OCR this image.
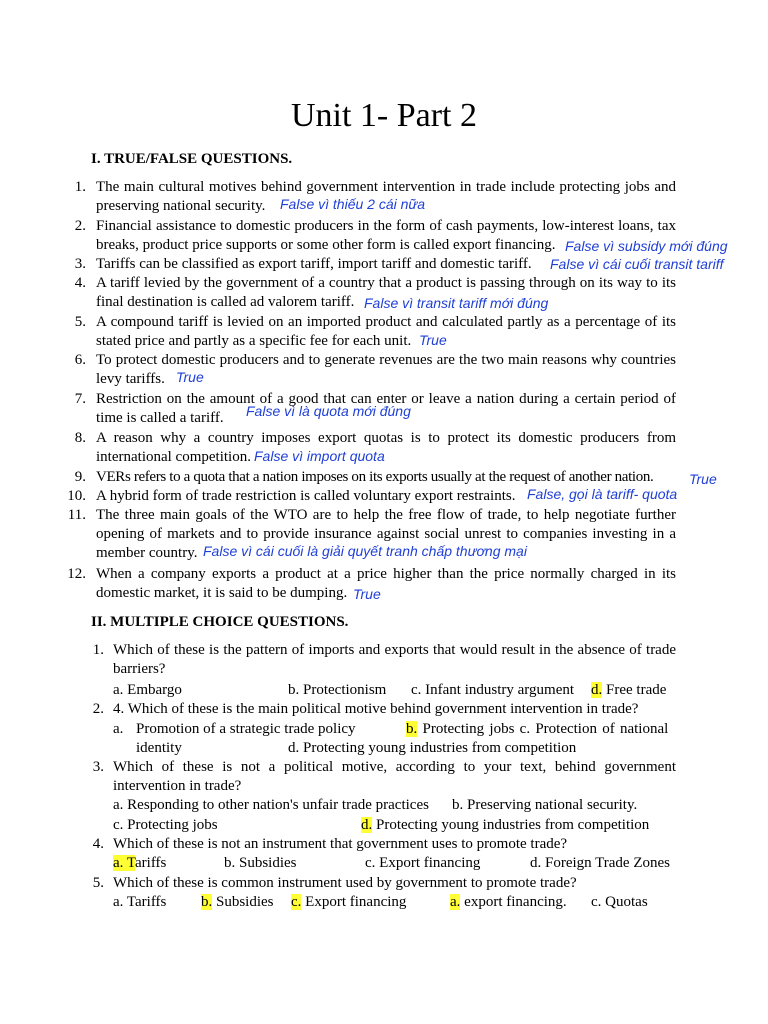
Unit 1- Part 2
I. TRUE/FALSE QUESTIONS.
1. The main cultural motives behind government intervention in trade include protecting jobs and
preserving national security. False vì thiếu 2 cái nữa
2. Financial assistance to domestic producers in the form of cash payments, low-interest loans, tax
breaks, product price supports or some other form is called export financing. False vì subsidy mới đúng
3. Tariffs can be classified as export tariff, import tariff and domestic tariff. False vì cái cuối transit tariff
4. A tariff levied by the government of a country that a product is passing through on its way to its
final destination is called ad valorem tariff. False vì transit tariff mới đúng
5. A compound tariff is levied on an imported product and calculated partly as a percentage of its
stated price and partly as a specific fee for each unit. True
6. To protect domestic producers and to generate revenues are the two main reasons why countries
levy tariffs. True
7. Restriction on the amount of a good that can enter or leave a nation during a certain period of
time is called a tariff. False vì là quota mới đúng
8. A reason why a country imposes export quotas is to protect its domestic producers from
international competition. False vì import quota
9. VERs refers to a quota that a nation imposes on its exports usually at the request of another nation.	True
10. A hybrid form of trade restriction is called voluntary export restraints. False, gọi là tariff- quota
11. The three main goals of the WTO are to help the free flow of trade, to help negotiate further
opening of markets and to provide insurance against social unrest to companies investing in a
member country. False vì cái cuối là giải quyết tranh chấp thương mại
12. When a company exports a product at a price higher than the price normally charged in its
domestic market, it is said to be dumping. True
II. MULTIPLE CHOICE QUESTIONS.
1. Which of these is the pattern of imports and exports that would result in the absence of trade
barriers?
a. Embargo	b. Protectionism c. Infant industry argument d. Free trade
2. 4. Which of these is the main political motive behind government intervention in trade?
a. Promotion of a strategic trade policy	b. Protecting jobs c. Protection of national
identity	d. Protecting young industries from competition
3. Which of these is not a political motive, according to your text, behind government
intervention in trade?
a. Responding to other nation's unfair trade practices b. Preserving national security.
c. Protecting jobs	d. Protecting young industries from competition
4. Which of these is not an instrument that government uses to promote trade?
a. Tariffs	b. Subsidies	c. Export financing	d. Foreign Trade Zones
5. Which of these is common instrument used by government to promote trade?
a. Tariffs b. Subsidies c. Export financing	a. export financing. c. Quotas
